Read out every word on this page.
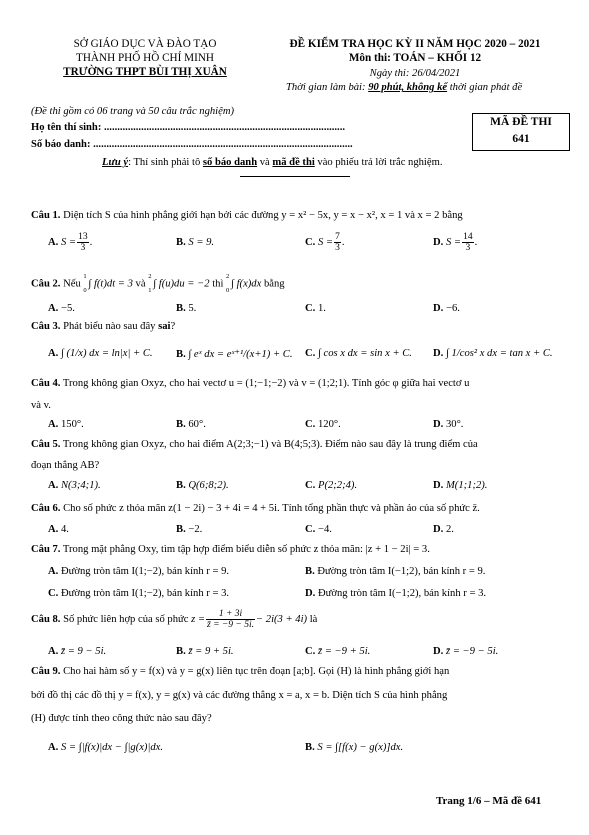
SỞ GIÁO DỤC VÀ ĐÀO TẠO
THÀNH PHỐ HỒ CHÍ MINH
TRƯỜNG THPT BÙI THỊ XUÂN
ĐỀ KIỂM TRA HỌC KỲ II NĂM HỌC 2020 – 2021
Môn thi: TOÁN – KHỐI 12
Ngày thi: 26/04/2021
Thời gian làm bài: 90 phút, không kể thời gian phát đề
(Đề thi gồm có 06 trang và 50 câu trắc nghiệm)
Họ tên thí sinh: ...........................................................................................
Số báo danh: ..................................................................................................
MÃ ĐỀ THI
641
Lưu ý: Thí sinh phải tô số báo danh và mã đề thi vào phiếu trả lời trắc nghiệm.
Câu 1. Diện tích S của hình phẳng giới hạn bởi các đường y = x² − 5x, y = x − x², x = 1 và x = 2 bằng
A. $S = \frac{13}{3}$ .	B. S = 9.	C. $S = \frac{7}{3}$ .	D. $S = \frac{14}{3}$ .
Câu 2. Nếu
1
0
∫ f(t)dt = 3 và
2
1
∫ f(u)du = −2 thì
2
0
∫ f(x)dx bằng
A. −5.	B. 5.	C. 1.	D. −6.
Câu 3. Phát biểu nào sau đây sai?
A. ∫ (1/x) dx = ln|x| + C. B. ∫ eˣ dx = eˣ⁺¹/(x+1) + C. C. ∫ cos x dx = sin x + C. D. ∫ 1/cos² x dx = tan x + C.
Câu 4. Trong không gian Oxyz, cho hai vectơ u = (1;−1;−2) và v = (1;2;1). Tính góc φ giữa hai vectơ u
và v.
A. 150°.	B. 60°.	C. 120°.	D. 30°.
Câu 5. Trong không gian Oxyz, cho hai điểm A(2;3;−1) và B(4;5;3). Điểm nào sau đây là trung điểm của
đoạn thẳng AB?
A. N(3;4;1).	B. Q(6;8;2).	C. P(2;2;4).	D. M(1;1;2).
Câu 6. Cho số phức z thỏa mãn z(1 − 2i) − 3 + 4i = 4 + 5i. Tính tổng phần thực và phần ảo của số phức z̄.
A. 4.	B. −2.	C. −4.	D. 2.
Câu 7. Trong mặt phẳng Oxy, tìm tập hợp điểm biểu diễn số phức z thỏa mãn: |z + 1 − 2i| = 3.
A. Đường tròn tâm I(1;−2), bán kính r = 9.	B. Đường tròn tâm I(−1;2), bán kính r = 9.
C. Đường tròn tâm I(1;−2), bán kính r = 3.	D. Đường tròn tâm I(−1;2), bán kính r = 3.
Câu 8. Số phức liên hợp của số phức $z = \frac{1 + 3i}{z̄ = -9 - 5i.} - 2i(3 + 4i)$ là
A. z̄ = 9 − 5i.	B. z̄ = 9 + 5i.	C. z̄ = −9 + 5i.	D. z̄ = −9 − 5i.
Câu 9. Cho hai hàm số y = f(x) và y = g(x) liên tục trên đoạn [a;b]. Gọi (H) là hình phẳng giới hạn
bởi đồ thị các đồ thị y = f(x), y = g(x) và các đường thẳng x = a, x = b. Diện tích S của hình phẳng
(H) được tính theo công thức nào sau đây?
A. S = ∫|f(x)|dx − ∫|g(x)|dx.	B. S = ∫[f(x) − g(x)]dx.
Trang 1/6 – Mã đề 641
